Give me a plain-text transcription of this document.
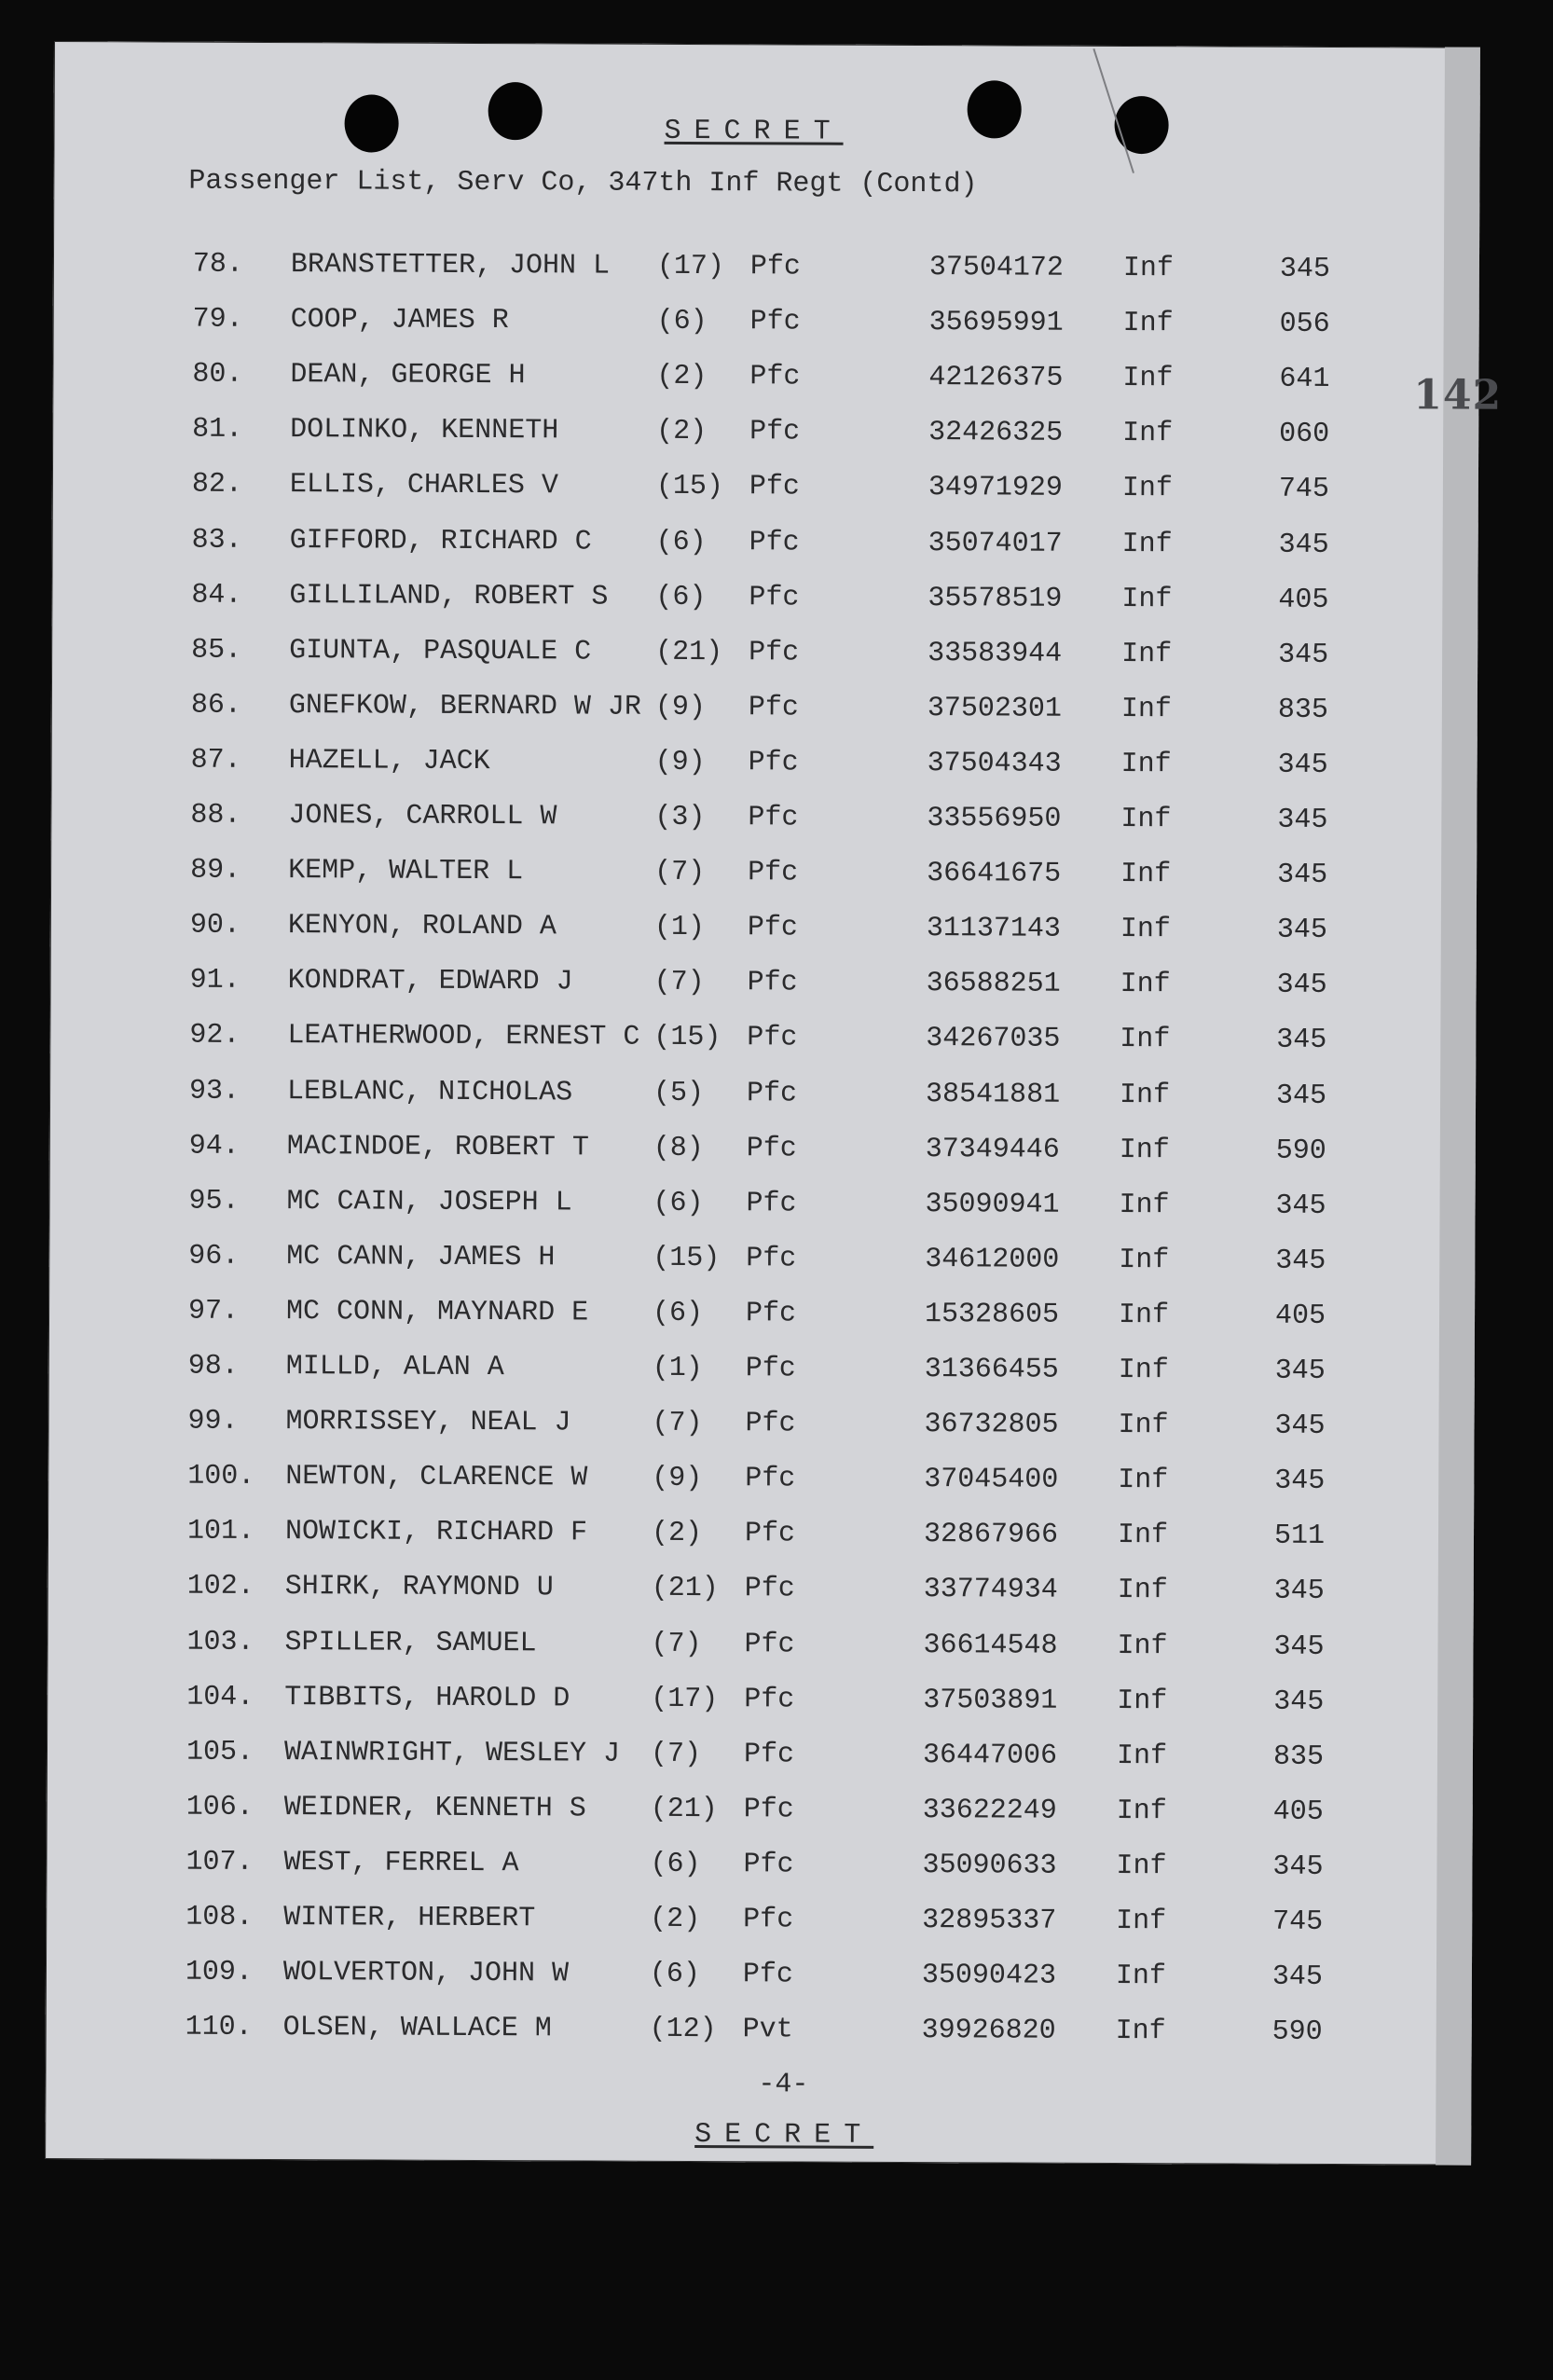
SECRET
Passenger List, Serv Co, 347th Inf Regt (Contd)
142
78. BRANSTETTER, JOHN L (17) Pfc	37504172 Inf	345
79. COOP, JAMES R	(6) Pfc	35695991 Inf	056
80. DEAN, GEORGE H	(2) Pfc	42126375 Inf	641
81. DOLINKO, KENNETH	(2) Pfc	32426325 Inf	060
82. ELLIS, CHARLES V	(15) Pfc	34971929 Inf	745
83. GIFFORD, RICHARD C (6) Pfc	35074017 Inf	345
84. GILLILAND, ROBERT S (6) Pfc	35578519 Inf	405
85. GIUNTA, PASQUALE C (21) Pfc	33583944 Inf	345
86. GNEFKOW, BERNARD W JR (9) Pfc	37502301 Inf	835
87. HAZELL, JACK	(9) Pfc	37504343 Inf	345
88. JONES, CARROLL W	(3) Pfc	33556950 Inf	345
89. KEMP, WALTER L	(7) Pfc	36641675 Inf	345
90. KENYON, ROLAND A	(1) Pfc	31137143 Inf	345
91. KONDRAT, EDWARD J	(7) Pfc	36588251 Inf	345
92. LEATHERWOOD, ERNEST C (15) Pfc	34267035 Inf	345
93. LEBLANC, NICHOLAS	(5) Pfc	38541881 Inf	345
94. MACINDOE, ROBERT T (8) Pfc	37349446 Inf	590
95. MC CAIN, JOSEPH L	(6) Pfc	35090941 Inf	345
96. MC CANN, JAMES H	(15) Pfc	34612000 Inf	345
97. MC CONN, MAYNARD E (6) Pfc	15328605 Inf	405
98. MILLD, ALAN A	(1) Pfc	31366455 Inf	345
99. MORRISSEY, NEAL J	(7) Pfc	36732805 Inf	345
100. NEWTON, CLARENCE W (9) Pfc	37045400 Inf	345
101. NOWICKI, RICHARD F (2) Pfc	32867966 Inf	511
102. SHIRK, RAYMOND U	(21) Pfc	33774934 Inf	345
103. SPILLER, SAMUEL	(7) Pfc	36614548 Inf	345
104. TIBBITS, HAROLD D	(17) Pfc	37503891 Inf	345
105. WAINWRIGHT, WESLEY J (7) Pfc	36447006 Inf	835
106. WEIDNER, KENNETH S (21) Pfc	33622249 Inf	405
107. WEST, FERREL A	(6) Pfc	35090633 Inf	345
108. WINTER, HERBERT	(2) Pfc	32895337 Inf	745
109. WOLVERTON, JOHN W	(6) Pfc	35090423 Inf	345
110. OLSEN, WALLACE M	(12) Pvt	39926820 Inf	590
-4-
SECRET
